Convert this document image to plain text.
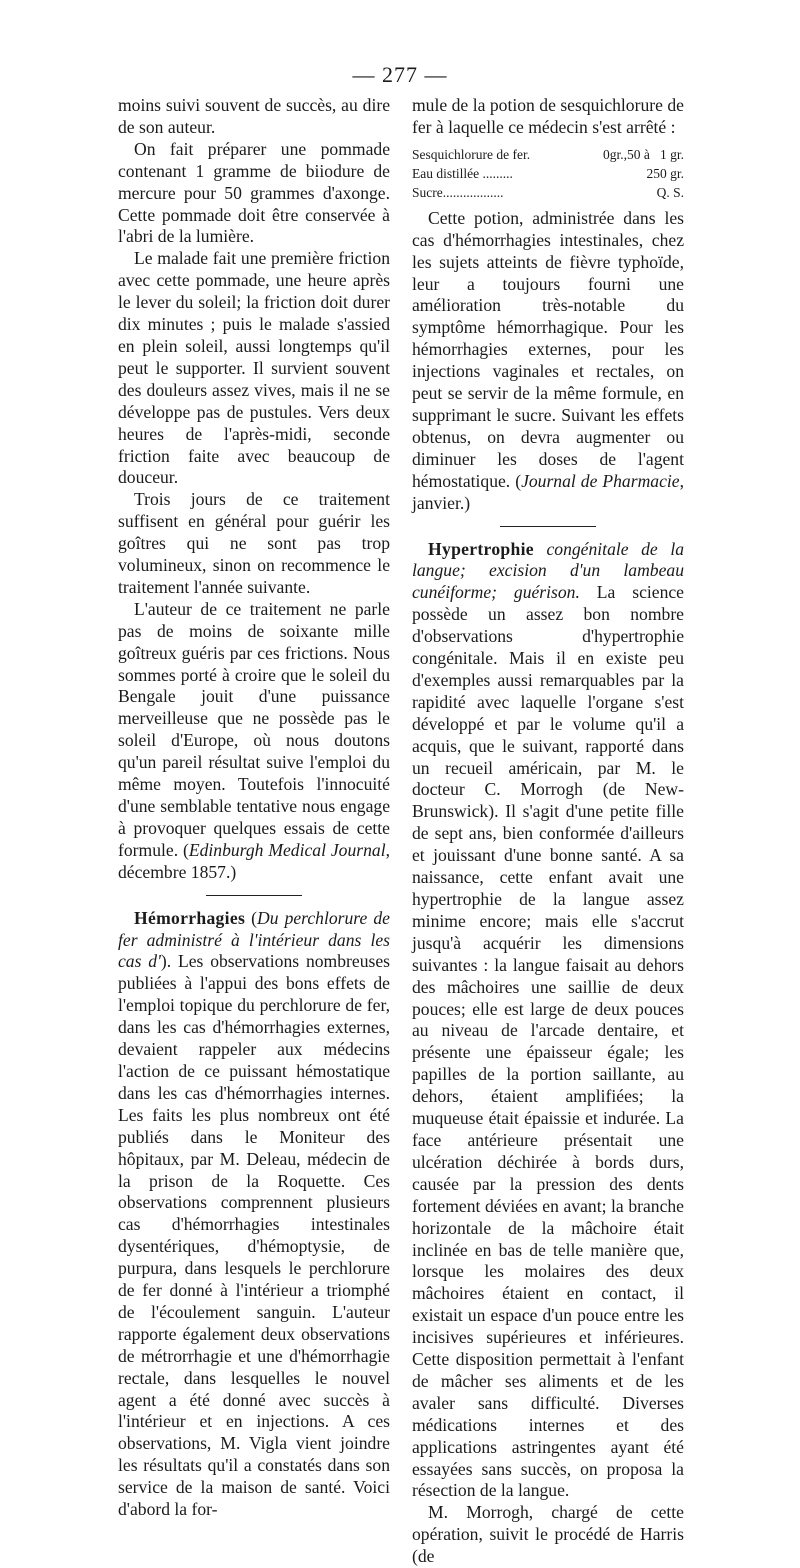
— 277 —

moins suivi souvent de succès, au dire de son auteur.

On fait préparer une pommade contenant 1 gramme de biiodure de mercure pour 50 grammes d'axonge. Cette pommade doit être conservée à l'abri de la lumière.

Le malade fait une première friction avec cette pommade, une heure après le lever du soleil; la friction doit durer dix minutes ; puis le malade s'assied en plein soleil, aussi longtemps qu'il peut le supporter. Il survient souvent des douleurs assez vives, mais il ne se développe pas de pustules. Vers deux heures de l'après-midi, seconde friction faite avec beaucoup de douceur.

Trois jours de ce traitement suffisent en général pour guérir les goîtres qui ne sont pas trop volumineux, sinon on recommence le traitement l'année suivante.

L'auteur de ce traitement ne parle pas de moins de soixante mille goîtreux guéris par ces frictions. Nous sommes porté à croire que le soleil du Bengale jouit d'une puissance merveilleuse que ne possède pas le soleil d'Europe, où nous doutons qu'un pareil résultat suive l'emploi du même moyen. Toutefois l'innocuité d'une semblable tentative nous engage à provoquer quelques essais de cette formule. (Edinburgh Medical Journal, décembre 1857.)

Hémorrhagies (Du perchlorure de fer administré à l'intérieur dans les cas d'). Les observations nombreuses publiées à l'appui des bons effets de l'emploi topique du perchlorure de fer, dans les cas d'hémorrhagies externes, devaient rappeler aux médecins l'action de ce puissant hémostatique dans les cas d'hémorrhagies internes. Les faits les plus nombreux ont été publiés dans le Moniteur des hôpitaux, par M. Deleau, médecin de la prison de la Roquette. Ces observations comprennent plusieurs cas d'hémorrhagies intestinales dysentériques, d'hémoptysie, de purpura, dans lesquels le perchlorure de fer donné à l'intérieur a triomphé de l'écoulement sanguin. L'auteur rapporte également deux observations de métrorrhagie et une d'hémorrhagie rectale, dans lesquelles le nouvel agent a été donné avec succès à l'intérieur et en injections. A ces observations, M. Vigla vient joindre les résultats qu'il a constatés dans son service de la maison de santé. Voici d'abord la for-

mule de la potion de sesquichlorure de fer à laquelle ce médecin s'est arrêté :

Sesquichlorure de fer.	0gr.,50 à   1 gr.
Eau distillée .........	250 gr.
Sucre..................	Q. S.

Cette potion, administrée dans les cas d'hémorrhagies intestinales, chez les sujets atteints de fièvre typhoïde, leur a toujours fourni une amélioration très-notable du symptôme hémorrhagique. Pour les hémorrhagies externes, pour les injections vaginales et rectales, on peut se servir de la même formule, en supprimant le sucre. Suivant les effets obtenus, on devra augmenter ou diminuer les doses de l'agent hémostatique. (Journal de Pharmacie, janvier.)

Hypertrophie congénitale de la langue; excision d'un lambeau cunéiforme; guérison. La science possède un assez bon nombre d'observations d'hypertrophie congénitale. Mais il en existe peu d'exemples aussi remarquables par la rapidité avec laquelle l'organe s'est développé et par le volume qu'il a acquis, que le suivant, rapporté dans un recueil américain, par M. le docteur C. Morrogh (de New-Brunswick). Il s'agit d'une petite fille de sept ans, bien conformée d'ailleurs et jouissant d'une bonne santé. A sa naissance, cette enfant avait une hypertrophie de la langue assez minime encore; mais elle s'accrut jusqu'à acquérir les dimensions suivantes : la langue faisait au dehors des mâchoires une saillie de deux pouces; elle est large de deux pouces au niveau de l'arcade dentaire, et présente une épaisseur égale; les papilles de la portion saillante, au dehors, étaient amplifiées; la muqueuse était épaissie et indurée. La face antérieure présentait une ulcération déchirée à bords durs, causée par la pression des dents fortement déviées en avant; la branche horizontale de la mâchoire était inclinée en bas de telle manière que, lorsque les molaires des deux mâchoires étaient en contact, il existait un espace d'un pouce entre les incisives supérieures et inférieures. Cette disposition permettait à l'enfant de mâcher ses aliments et de les avaler sans difficulté. Diverses médications internes et des applications astringentes ayant été essayées sans succès, on proposa la résection de la langue.

M. Morrogh, chargé de cette opération, suivit le procédé de Harris (de
